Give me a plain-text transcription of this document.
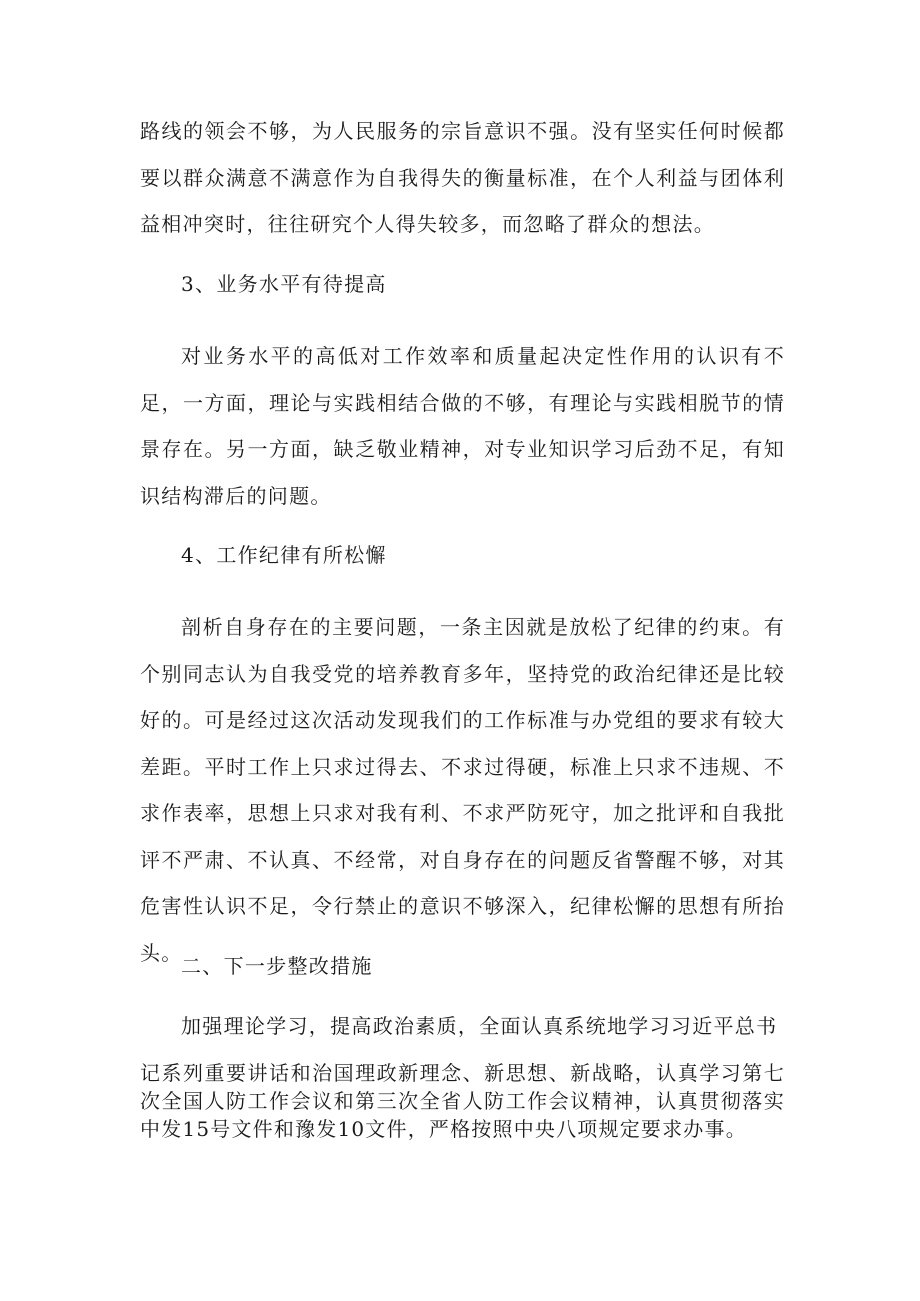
路线的领会不够，为人民服务的宗旨意识不强。没有坚实任何时候都要以群众满意不满意作为自我得失的衡量标准，在个人利益与团体利益相冲突时，往往研究个人得失较多，而忽略了群众的想法。

3、业务水平有待提高

对业务水平的高低对工作效率和质量起决定性作用的认识有不足，一方面，理论与实践相结合做的不够，有理论与实践相脱节的情景存在。另一方面，缺乏敬业精神，对专业知识学习后劲不足，有知识结构滞后的问题。

4、工作纪律有所松懈

剖析自身存在的主要问题，一条主因就是放松了纪律的约束。有个别同志认为自我受党的培养教育多年，坚持党的政治纪律还是比较好的。可是经过这次活动发现我们的工作标准与办党组的要求有较大差距。平时工作上只求过得去、不求过得硬，标准上只求不违规、不求作表率，思想上只求对我有利、不求严防死守，加之批评和自我批评不严肃、不认真、不经常，对自身存在的问题反省警醒不够，对其危害性认识不足，令行禁止的意识不够深入，纪律松懈的思想有所抬头。

二、下一步整改措施

加强理论学习，提高政治素质，全面认真系统地学习习近平总书

记系列重要讲话和治国理政新理念、新思想、新战略，认真学习第七次全国人防工作会议和第三次全省人防工作会议精神，认真贯彻落实中发15号文件和豫发10文件，严格按照中央八项规定要求办事。
